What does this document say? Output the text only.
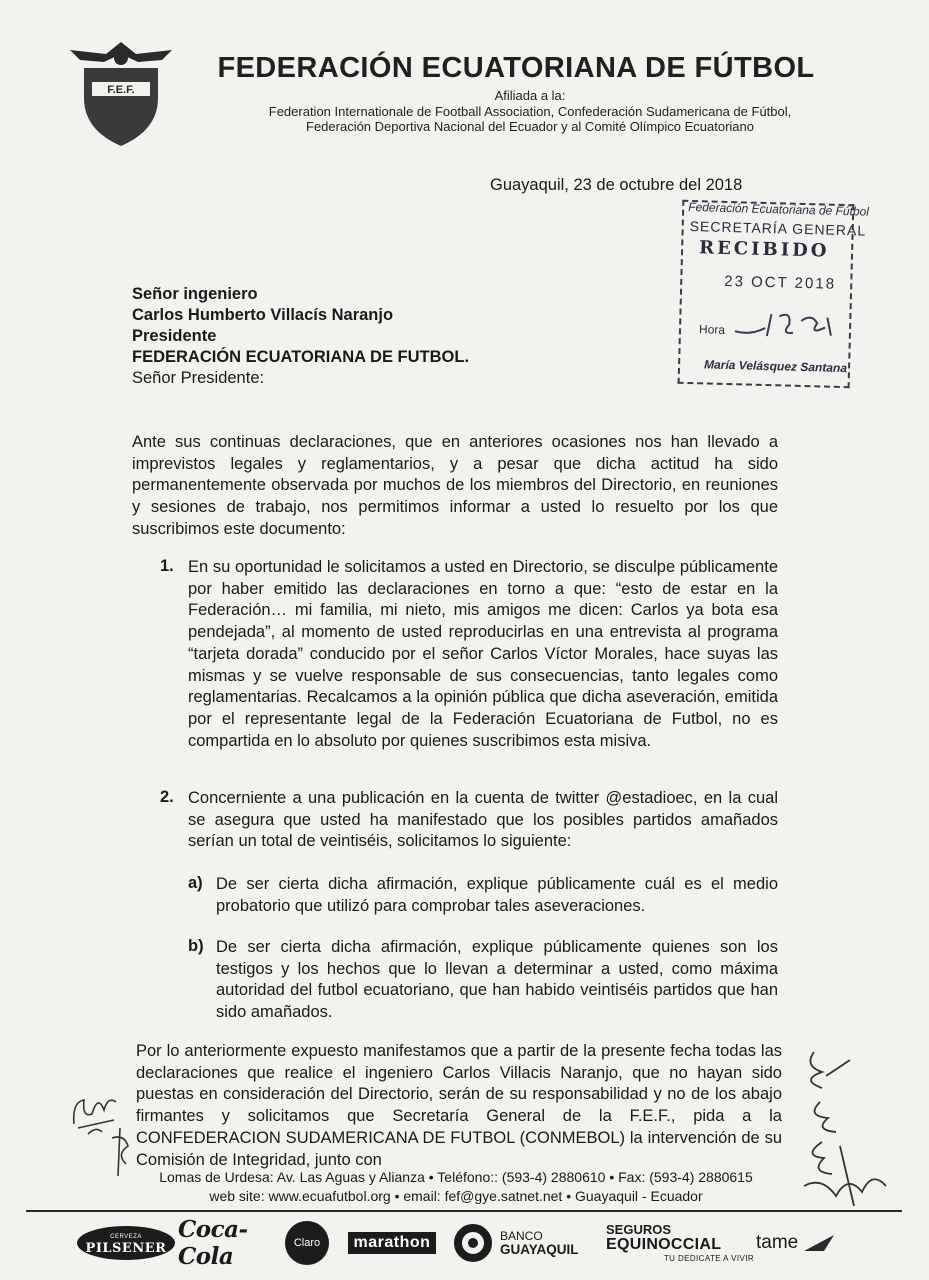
F.E.F.
FEDERACIÓN ECUATORIANA DE FÚTBOL
Afiliada a la:
Federation Internationale de Football Association, Confederación Sudamericana de Fútbol,
Federación Deportiva Nacional del Ecuador y al Comité Olímpico Ecuatoriano
Guayaquil, 23 de octubre del 2018
Federación Ecuatoriana de Fútbol
SECRETARÍA GENERAL
RECIBIDO
23 OCT 2018
Hora
María Velásquez Santana
Señor ingeniero
Carlos Humberto Villacís Naranjo
Presidente
FEDERACIÓN ECUATORIANA DE FUTBOL.
Señor Presidente:
Ante sus continuas declaraciones, que en anteriores ocasiones nos han llevado a imprevistos legales y reglamentarios, y a pesar que dicha actitud ha sido permanentemente observada por muchos de los miembros del Directorio, en reuniones y sesiones de trabajo, nos permitimos informar a usted lo resuelto por los que suscribimos este documento:
1. En su oportunidad le solicitamos a usted en Directorio, se disculpe públicamente por haber emitido las declaraciones en torno a que: “esto de estar en la Federación… mi familia, mi nieto, mis amigos me dicen: Carlos ya bota esa pendejada”, al momento de usted reproducirlas en una entrevista al programa “tarjeta dorada” conducido por el señor Carlos Víctor Morales, hace suyas las mismas y se vuelve responsable de sus consecuencias, tanto legales como reglamentarias. Recalcamos a la opinión pública que dicha aseveración, emitida por el representante legal de la Federación Ecuatoriana de Futbol, no es compartida en lo absoluto por quienes suscribimos esta misiva.
2. Concerniente a una publicación en la cuenta de twitter @estadioec, en la cual se asegura que usted ha manifestado que los posibles partidos amañados serían un total de veintiséis, solicitamos lo siguiente:
a) De ser cierta dicha afirmación, explique públicamente cuál es el medio probatorio que utilizó para comprobar tales aseveraciones.
b) De ser cierta dicha afirmación, explique públicamente quienes son los testigos y los hechos que lo llevan a determinar a usted, como máxima autoridad del futbol ecuatoriano, que han habido veintiséis partidos que han sido amañados.
Por lo anteriormente expuesto manifestamos que a partir de la presente fecha todas las declaraciones que realice el ingeniero Carlos Villacis Naranjo, que no hayan sido puestas en consideración del Directorio, serán de su responsabilidad y no de los abajo firmantes y solicitamos que Secretaría General de la F.E.F., pida a la CONFEDERACION SUDAMERICANA DE FUTBOL (CONMEBOL) la intervención de su Comisión de Integridad, junto con
Lomas de Urdesa: Av. Las Aguas y Alianza • Teléfono:: (593-4) 2880610 • Fax: (593-4) 2880615
web site: www.ecuafutbol.org • email: fef@gye.satnet.net • Guayaquil - Ecuador
CERVEZA
PILSENER
Coca-Cola	Claro	marathon	BANCO
GUAYAQUIL
SEGUROS
EQUINOCCIAL
TU DEDICATE A VIVIR
tame
